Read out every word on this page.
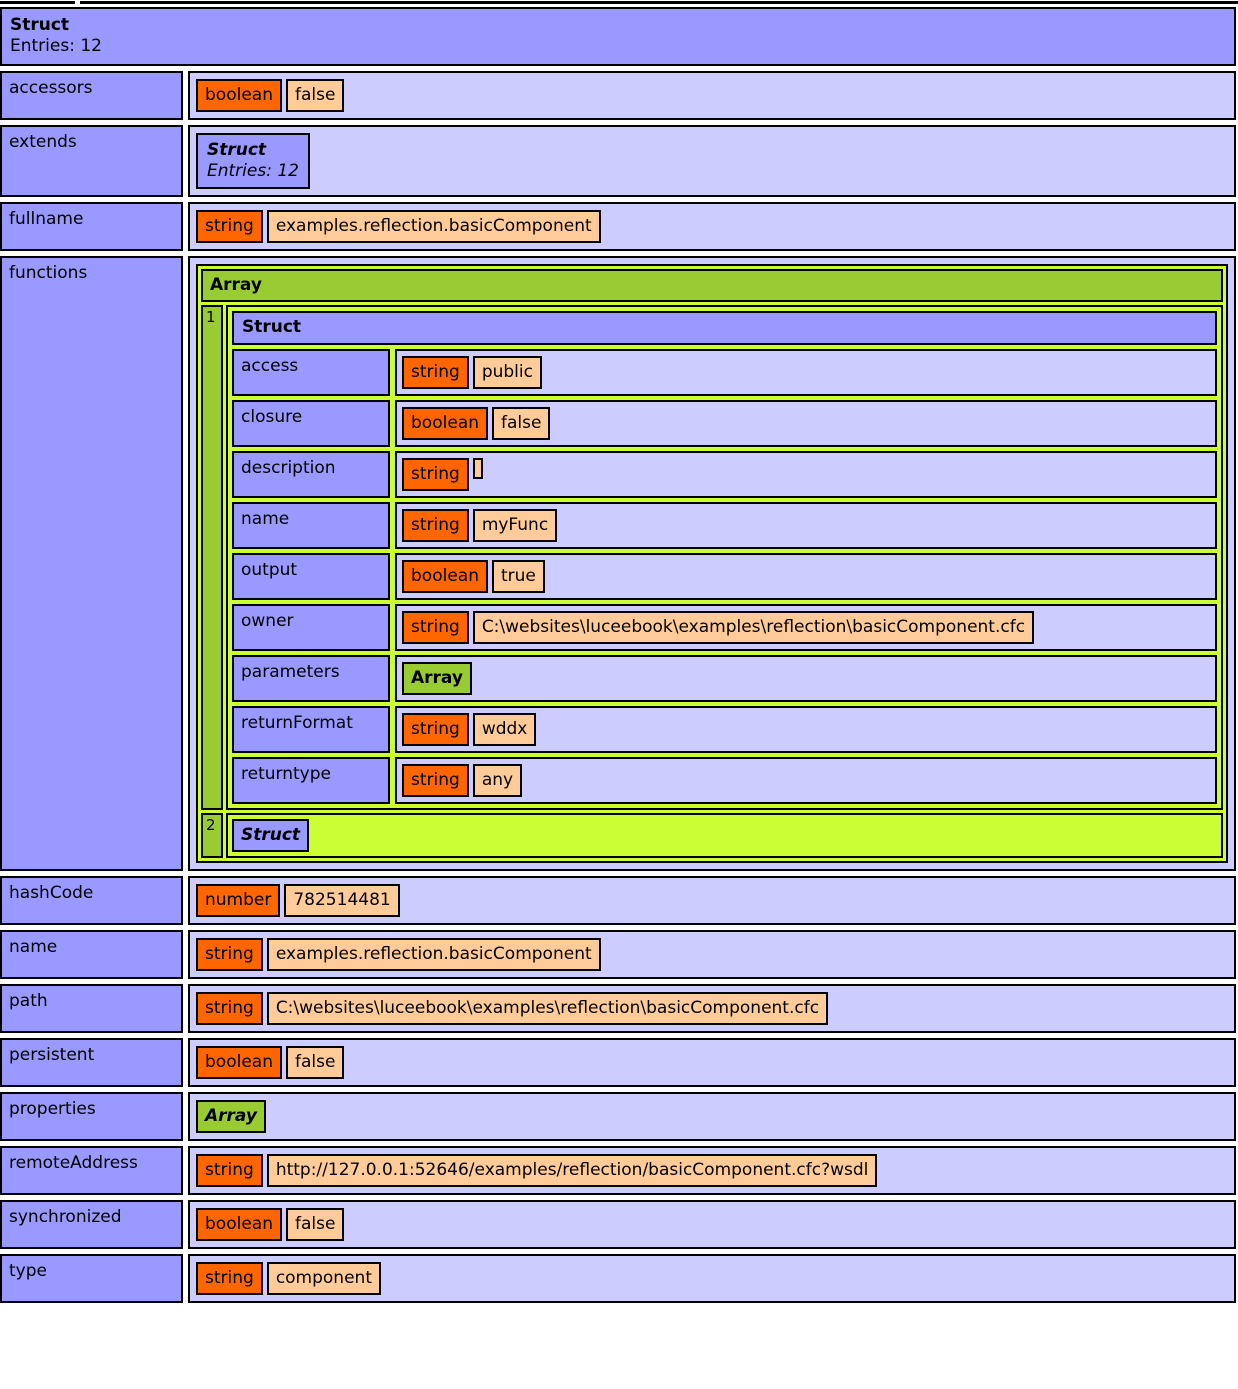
Struct
Entries: 12
accessors	boolean	false
extends	Struct
Entries: 12
fullname	string	examples.reflection.basicComponent
functions
Array
1	Struct
access	string	public
closure	boolean	false
description	string
name	string	myFunc
output	boolean	true
owner	string	C:\websites\luceebook\examples\reflection\basicComponent.cfc
parameters	Array
returnFormat	string	wddx
returntype	string	any
2	Struct
hashCode	number	782514481
name	string	examples.reflection.basicComponent
path	string	C:\websites\luceebook\examples\reflection\basicComponent.cfc
persistent	boolean	false
properties	Array
remoteAddress	string	http://127.0.0.1:52646/examples/reflection/basicComponent.cfc?wsdl
synchronized	boolean	false
type	string	component
